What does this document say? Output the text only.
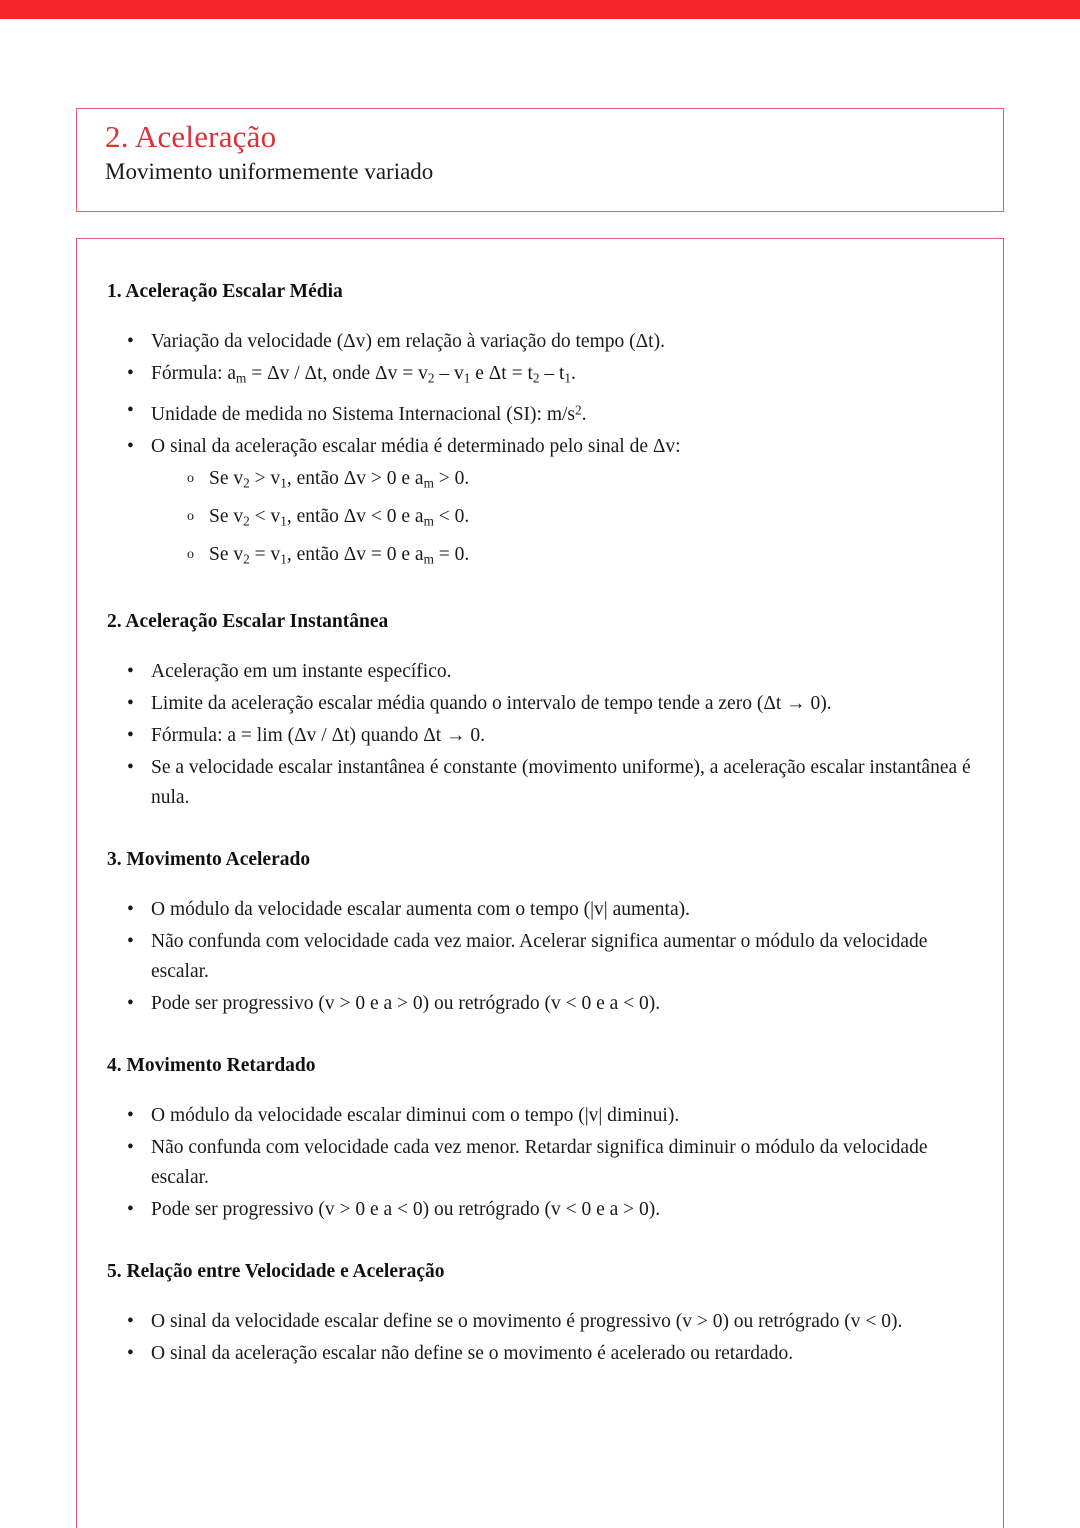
2. Aceleração
Movimento uniformemente variado
1. Aceleração Escalar Média
• Variação da velocidade (Δv) em relação à variação do tempo (Δt).
• Fórmula: $a_m = \Delta v / \Delta t$, onde $\Delta v = v_2 - v_1$ e $\Delta t = t_2 - t_1$.
• Unidade de medida no Sistema Internacional (SI): $m/s^2$.
• O sinal da aceleração escalar média é determinado pelo sinal de Δv:
o Se $v_2 > v_1$, então Δv > 0 e $a_m > 0$.
o Se $v_2 < v_1$, então Δv < 0 e $a_m < 0$.
o Se $v_2 = v_1$, então Δv = 0 e $a_m = 0$.
2. Aceleração Escalar Instantânea
• Aceleração em um instante específico.
• Limite da aceleração escalar média quando o intervalo de tempo tende a zero (Δt → 0).
• Fórmula: a = lim (Δv / Δt) quando Δt → 0.
• Se a velocidade escalar instantânea é constante (movimento uniforme), a aceleração escalar instantânea é nula.
3. Movimento Acelerado
• O módulo da velocidade escalar aumenta com o tempo (|v| aumenta).
• Não confunda com velocidade cada vez maior. Acelerar significa aumentar o módulo da velocidade escalar.
• Pode ser progressivo (v > 0 e a > 0) ou retrógrado (v < 0 e a < 0).
4. Movimento Retardado
• O módulo da velocidade escalar diminui com o tempo (|v| diminui).
• Não confunda com velocidade cada vez menor. Retardar significa diminuir o módulo da velocidade escalar.
• Pode ser progressivo (v > 0 e a < 0) ou retrógrado (v < 0 e a > 0).
5. Relação entre Velocidade e Aceleração
• O sinal da velocidade escalar define se o movimento é progressivo (v > 0) ou retrógrado (v < 0).
• O sinal da aceleração escalar não define se o movimento é acelerado ou retardado.
